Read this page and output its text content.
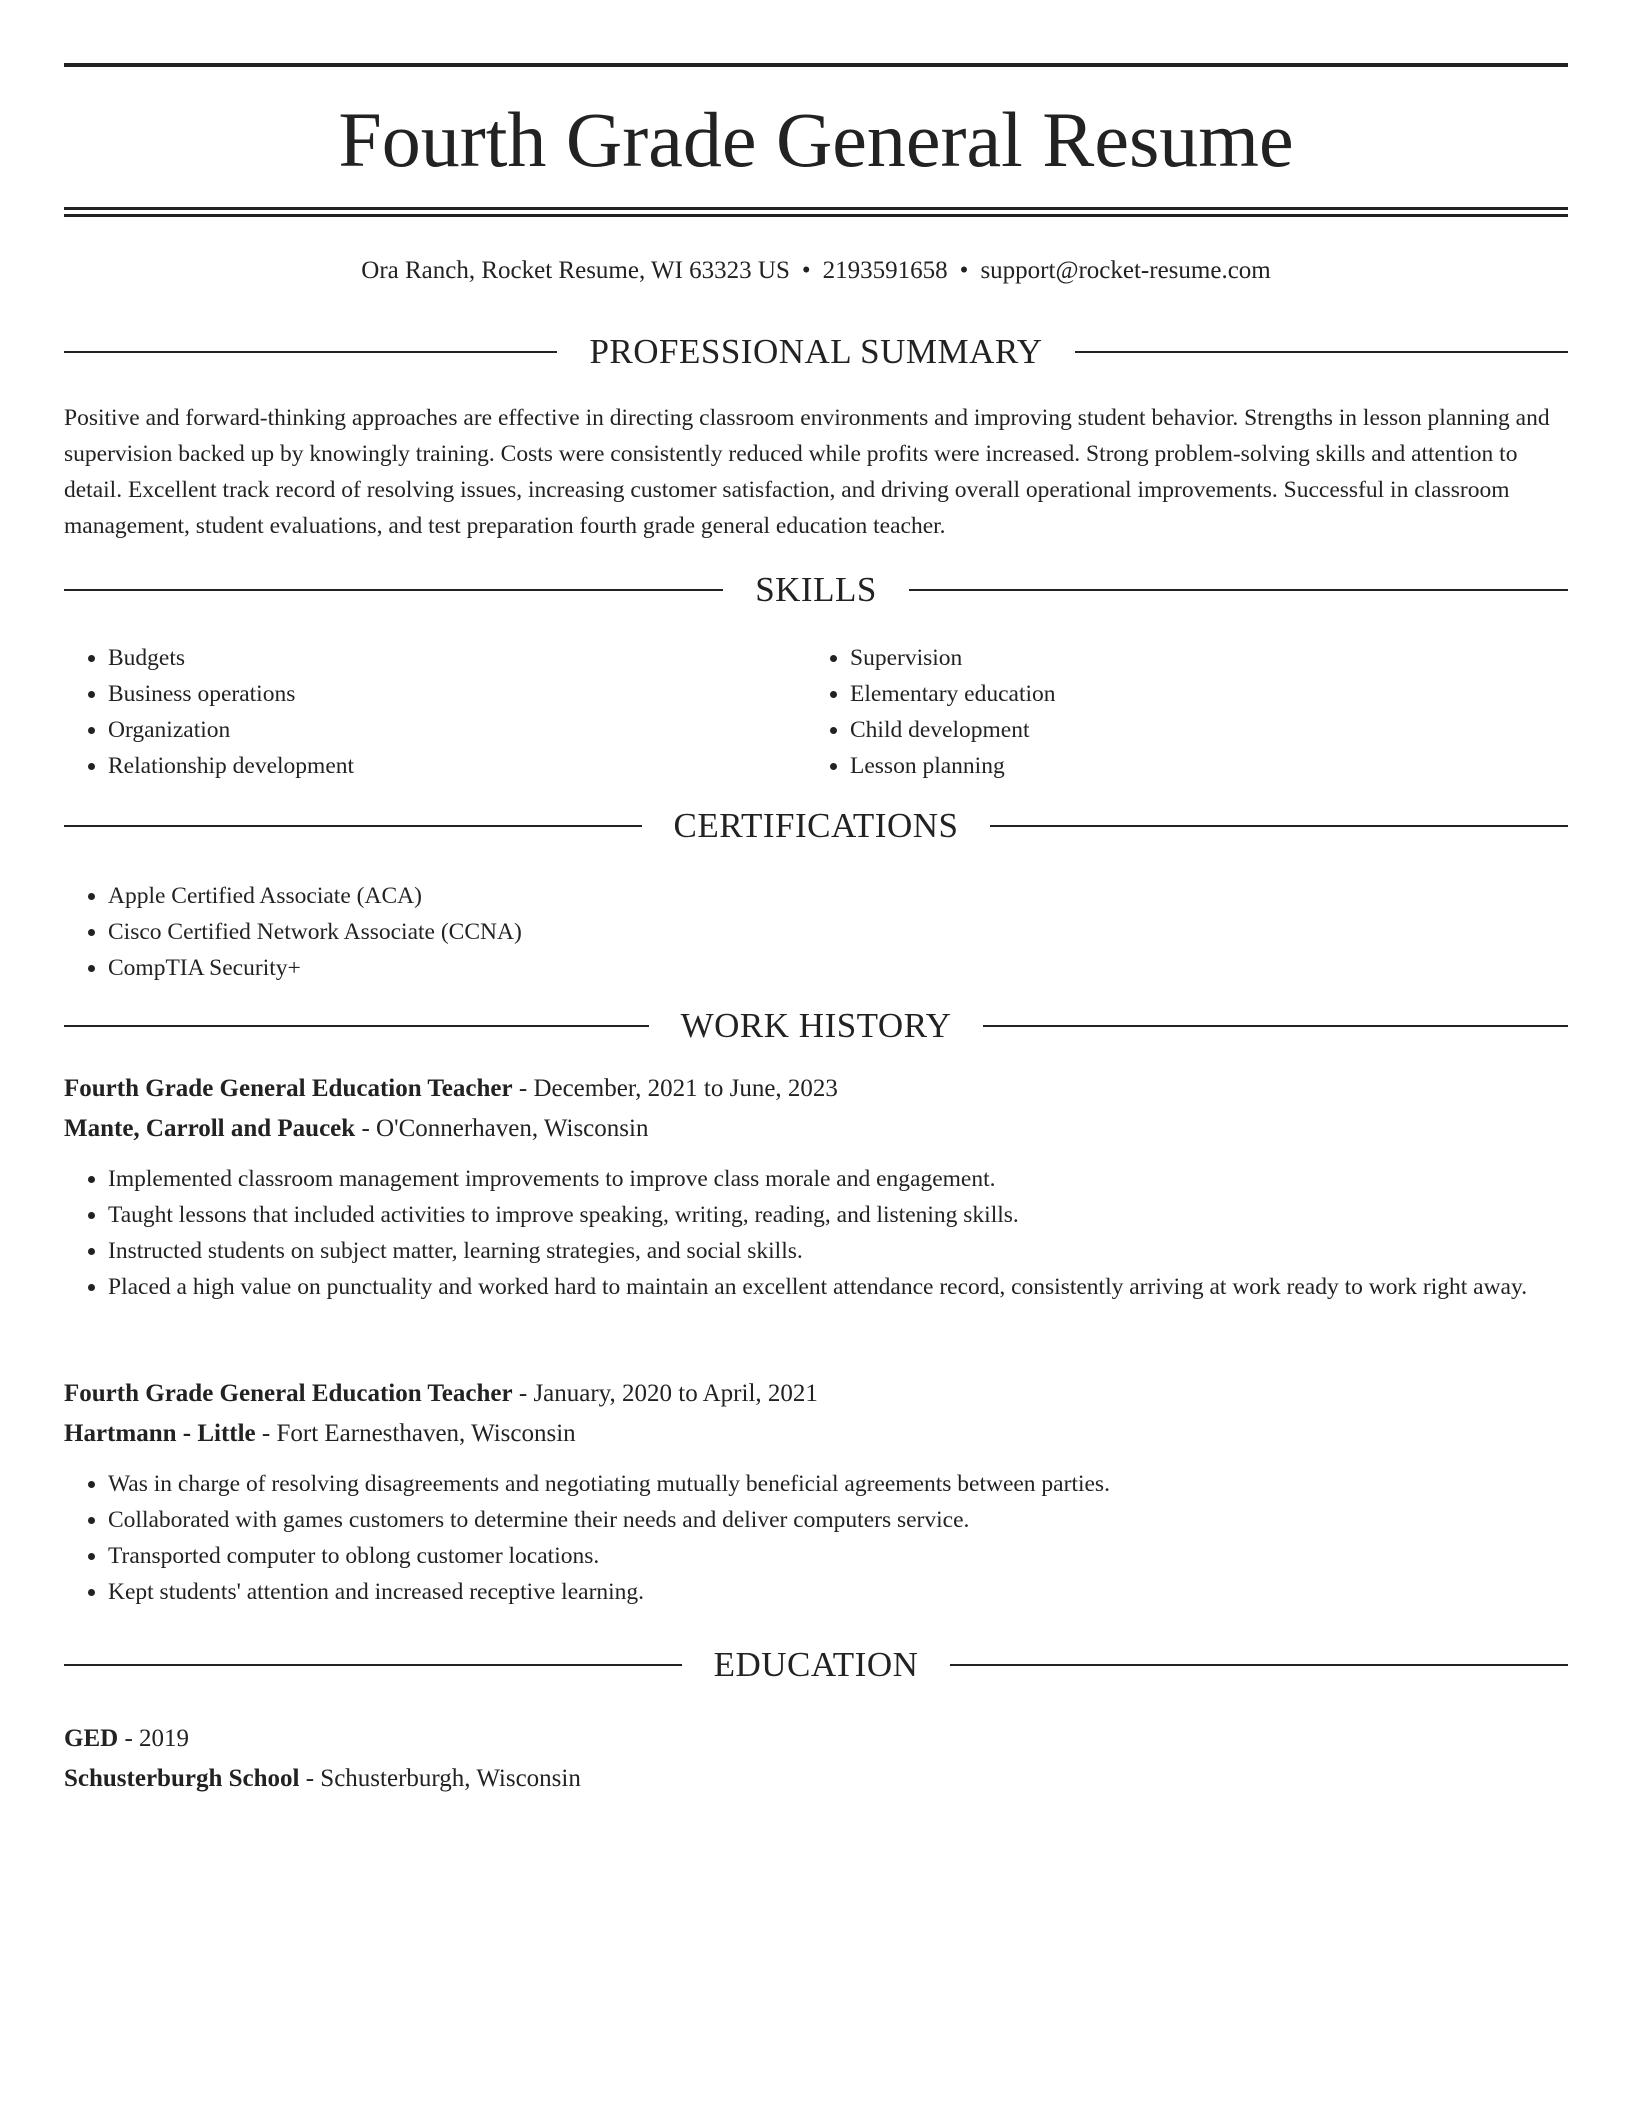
Fourth Grade General Resume
Ora Ranch, Rocket Resume, WI 63323 US • 2193591658 • support@rocket-resume.com
PROFESSIONAL SUMMARY

Positive and forward-thinking approaches are effective in directing classroom environments and improving student behavior. Strengths in lesson planning and supervision backed up by knowingly training. Costs were consistently reduced while profits were increased. Strong problem-solving skills and attention to detail. Excellent track record of resolving issues, increasing customer satisfaction, and driving overall operational improvements. Successful in classroom management, student evaluations, and test preparation fourth grade general education teacher.

SKILLS
• Budgets
• Business operations
• Organization
• Relationship development
• Supervision
• Elementary education
• Child development
• Lesson planning
CERTIFICATIONS
• Apple Certified Associate (ACA)
• Cisco Certified Network Associate (CCNA)
• CompTIA Security+
WORK HISTORY
Fourth Grade General Education Teacher - December, 2021 to June, 2023
Mante, Carroll and Paucek - O'Connerhaven, Wisconsin
• Implemented classroom management improvements to improve class morale and engagement.
• Taught lessons that included activities to improve speaking, writing, reading, and listening skills.
• Instructed students on subject matter, learning strategies, and social skills.
• Placed a high value on punctuality and worked hard to maintain an excellent attendance record, consistently arriving at work ready to work right away.
Fourth Grade General Education Teacher - January, 2020 to April, 2021
Hartmann - Little - Fort Earnesthaven, Wisconsin
• Was in charge of resolving disagreements and negotiating mutually beneficial agreements between parties.
• Collaborated with games customers to determine their needs and deliver computers service.
• Transported computer to oblong customer locations.
• Kept students' attention and increased receptive learning.
EDUCATION
GED - 2019
Schusterburgh School - Schusterburgh, Wisconsin
